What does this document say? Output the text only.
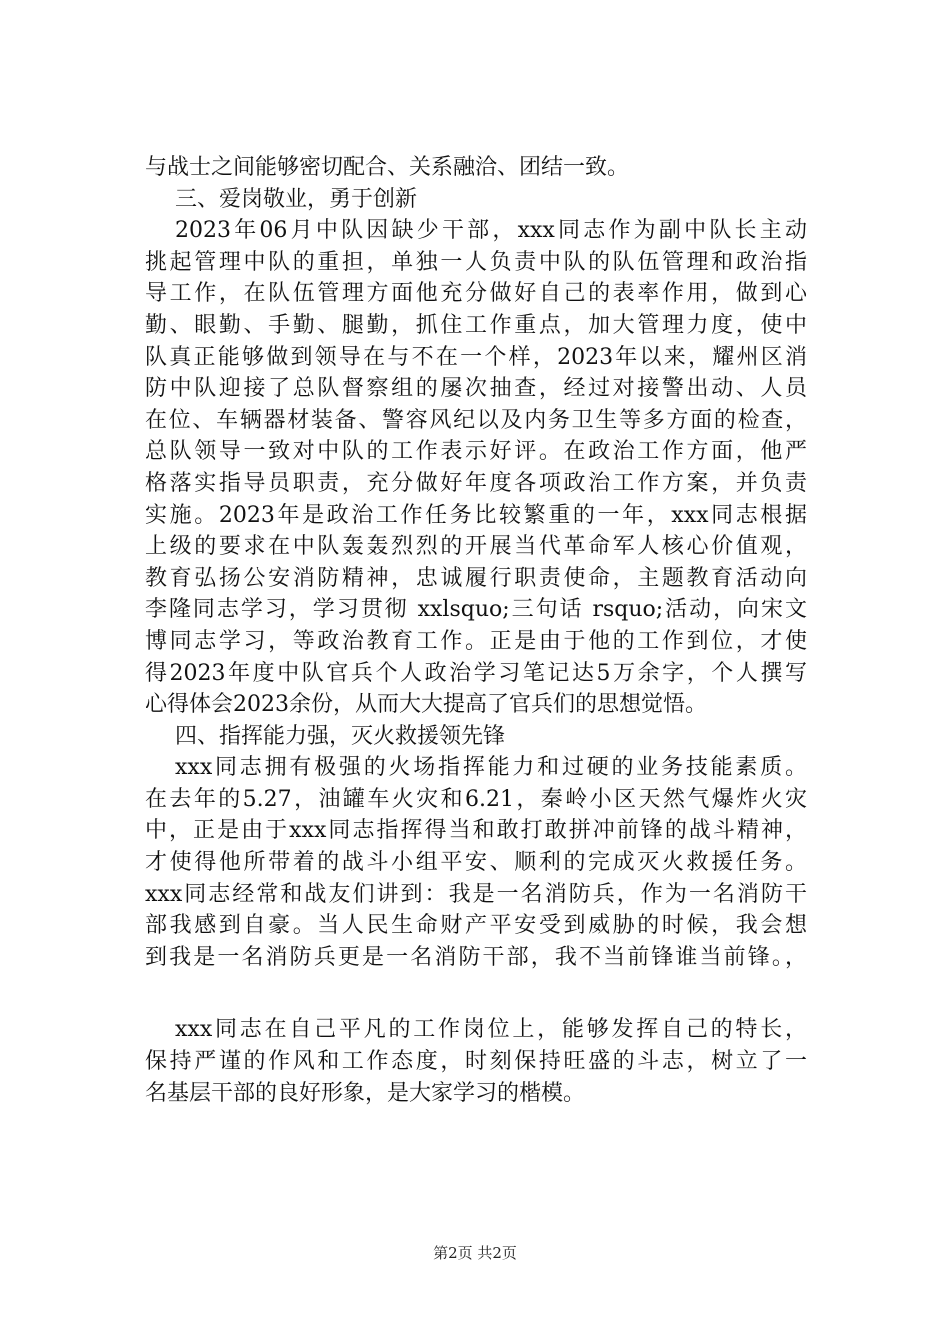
与战士之间能够密切配合、关系融洽、团结一致。
三、爱岗敬业，勇于创新
2023年06月中队因缺少干部，xxx同志作为副中队长主动
挑起管理中队的重担，单独一人负责中队的队伍管理和政治指
导工作，在队伍管理方面他充分做好自己的表率作用，做到心
勤、眼勤、手勤、腿勤，抓住工作重点，加大管理力度，使中
队真正能够做到领导在与不在一个样，2023年以来，耀州区消
防中队迎接了总队督察组的屡次抽查，经过对接警出动、人员
在位、车辆器材装备、警容风纪以及内务卫生等多方面的检查，
总队领导一致对中队的工作表示好评。在政治工作方面，他严
格落实指导员职责，充分做好年度各项政治工作方案，并负责
实施。2023年是政治工作任务比较繁重的一年，xxx同志根据
上级的要求在中队轰轰烈烈的开展当代革命军人核心价值观，
教育弘扬公安消防精神，忠诚履行职责使命，主题教育活动向
李隆同志学习，学习贯彻 xxlsquo;三句话 rsquo;活动，向宋文
博同志学习，等政治教育工作。正是由于他的工作到位，才使
得2023年度中队官兵个人政治学习笔记达5万余字，个人撰写
心得体会2023余份，从而大大提高了官兵们的思想觉悟。
四、指挥能力强，灭火救援领先锋
xxx同志拥有极强的火场指挥能力和过硬的业务技能素质。
在去年的5.27，油罐车火灾和6.21，秦岭小区天然气爆炸火灾
中，正是由于xxx同志指挥得当和敢打敢拼冲前锋的战斗精神，
才使得他所带着的战斗小组平安、顺利的完成灭火救援任务。
xxx同志经常和战友们讲到：我是一名消防兵，作为一名消防干
部我感到自豪。当人民生命财产平安受到威胁的时候，我会想
到我是一名消防兵更是一名消防干部，我不当前锋谁当前锋。，
xxx同志在自己平凡的工作岗位上，能够发挥自己的特长，
保持严谨的作风和工作态度，时刻保持旺盛的斗志，树立了一
名基层干部的良好形象，是大家学习的楷模。
第2页 共2页
